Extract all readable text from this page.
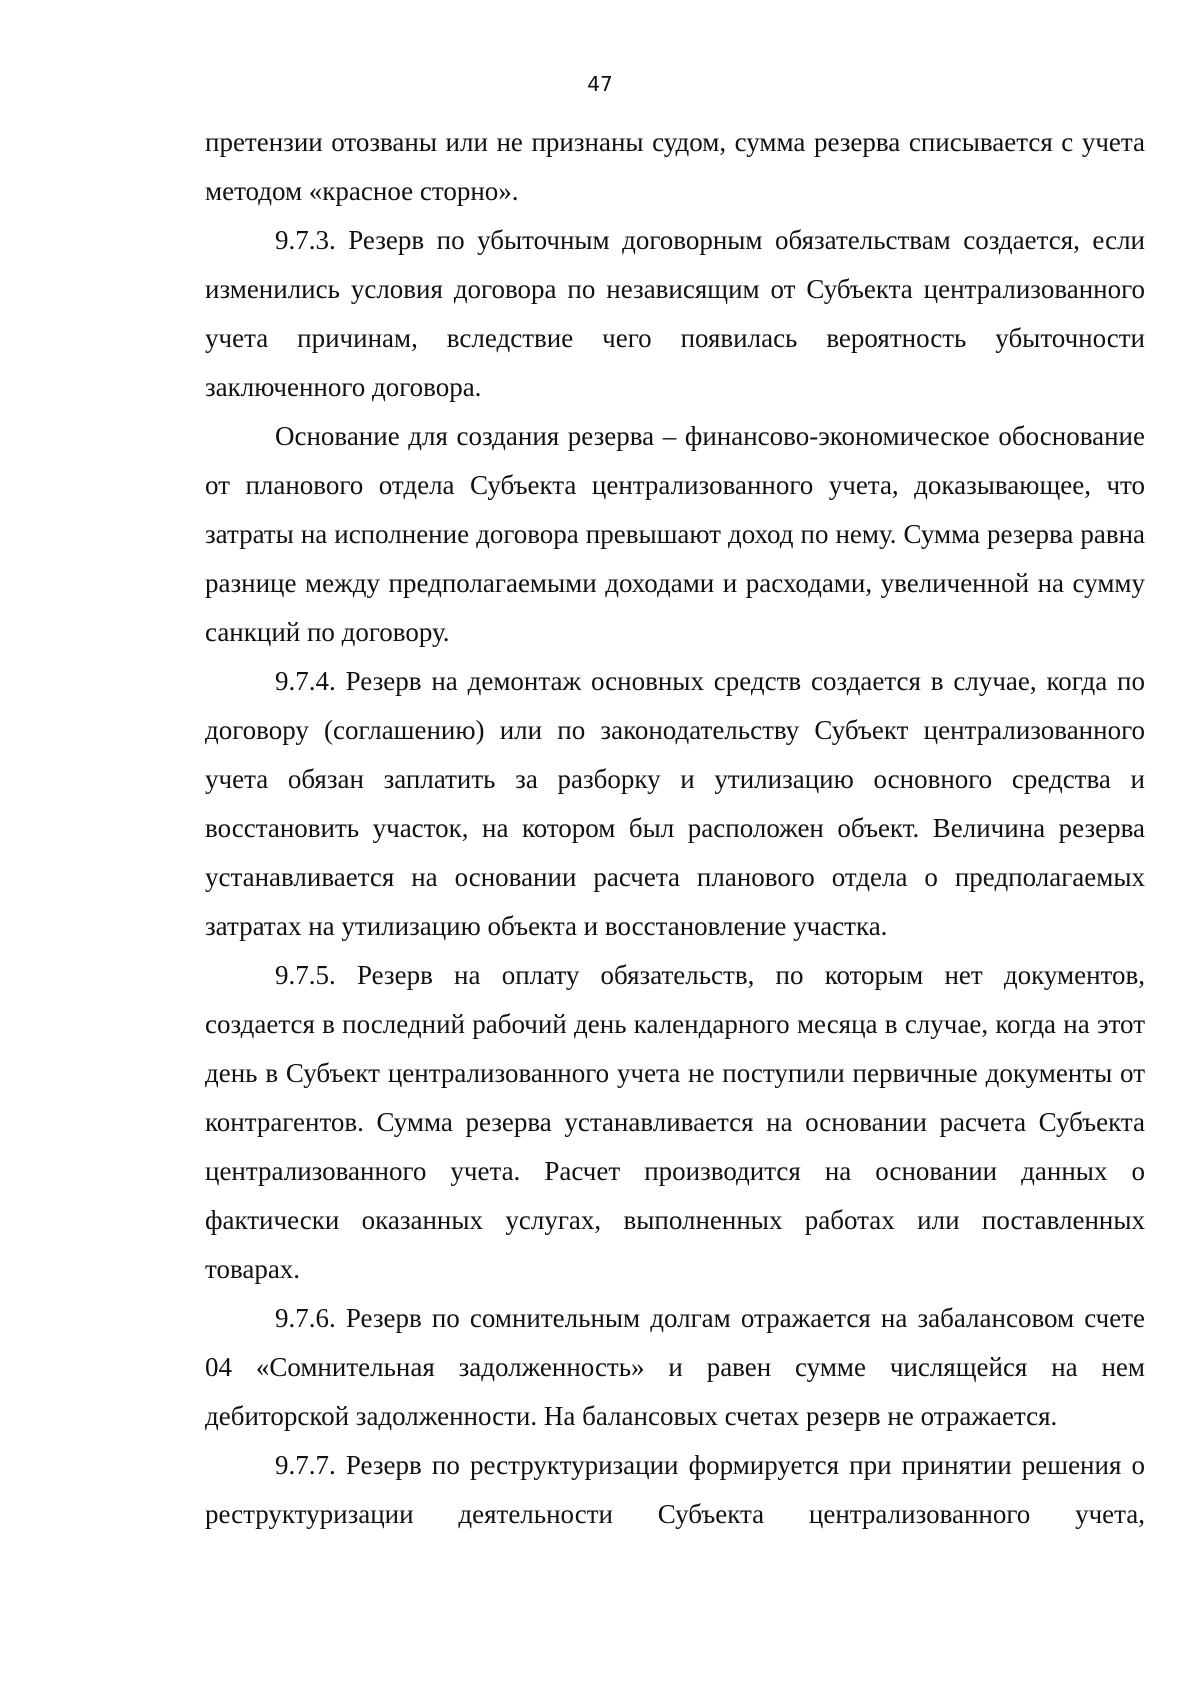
47

претензии отозваны или не признаны судом, сумма резерва списывается с учета методом «красное сторно».

9.7.3. Резерв по убыточным договорным обязательствам создается, если изменились условия договора по независящим от Субъекта централизованного учета причинам, вследствие чего появилась вероятность убыточности заключенного договора.

Основание для создания резерва – финансово-экономическое обоснование от планового отдела Субъекта централизованного учета, доказывающее, что затраты на исполнение договора превышают доход по нему. Сумма резерва равна разнице между предполагаемыми доходами и расходами, увеличенной на сумму санкций по договору.

9.7.4. Резерв на демонтаж основных средств создается в случае, когда по договору (соглашению) или по законодательству Субъект централизованного учета обязан заплатить за разборку и утилизацию основного средства и восстановить участок, на котором был расположен объект. Величина резерва устанавливается на основании расчета планового отдела о предполагаемых затратах на утилизацию объекта и восстановление участка.

9.7.5. Резерв на оплату обязательств, по которым нет документов, создается в последний рабочий день календарного месяца в случае, когда на этот день в Субъект централизованного учета не поступили первичные документы от контрагентов. Сумма резерва устанавливается на основании расчета Субъекта централизованного учета. Расчет производится на основании данных о фактически оказанных услугах, выполненных работах или поставленных товарах.

9.7.6. Резерв по сомнительным долгам отражается на забалансовом счете 04 «Сомнительная задолженность» и равен сумме числящейся на нем дебиторской задолженности. На балансовых счетах резерв не отражается.

9.7.7. Резерв по реструктуризации формируется при принятии решения о реструктуризации деятельности Субъекта централизованного учета,
